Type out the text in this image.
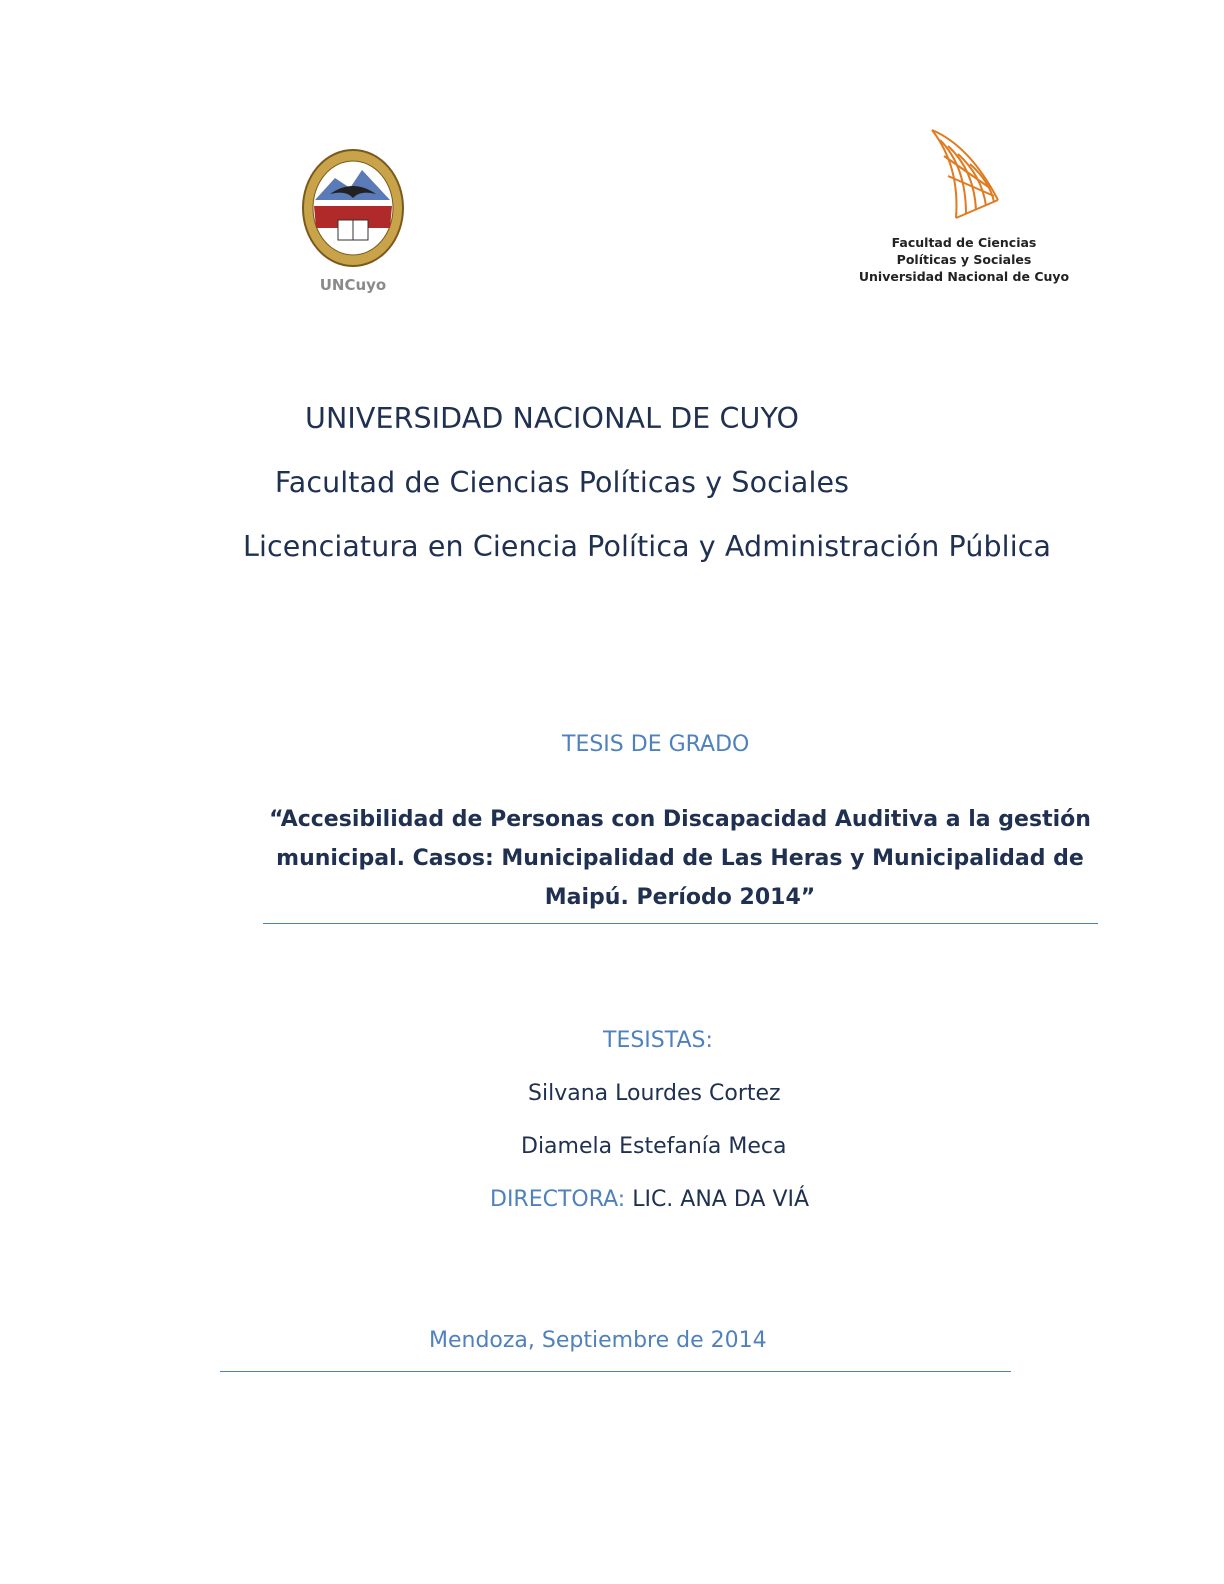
UNCuyo
Facultad de Ciencias
Políticas y Sociales
Universidad Nacional de Cuyo
UNIVERSIDAD NACIONAL DE CUYO
Facultad de Ciencias Políticas y Sociales
Licenciatura en Ciencia Política y Administración Pública
TESIS DE GRADO
“Accesibilidad de Personas con Discapacidad Auditiva a la gestión municipal. Casos: Municipalidad de Las Heras y Municipalidad de Maipú. Período 2014”
TESISTAS:
Silvana Lourdes Cortez
Diamela Estefanía Meca
DIRECTORA: LIC. ANA DA VIÁ
Mendoza, Septiembre de 2014
